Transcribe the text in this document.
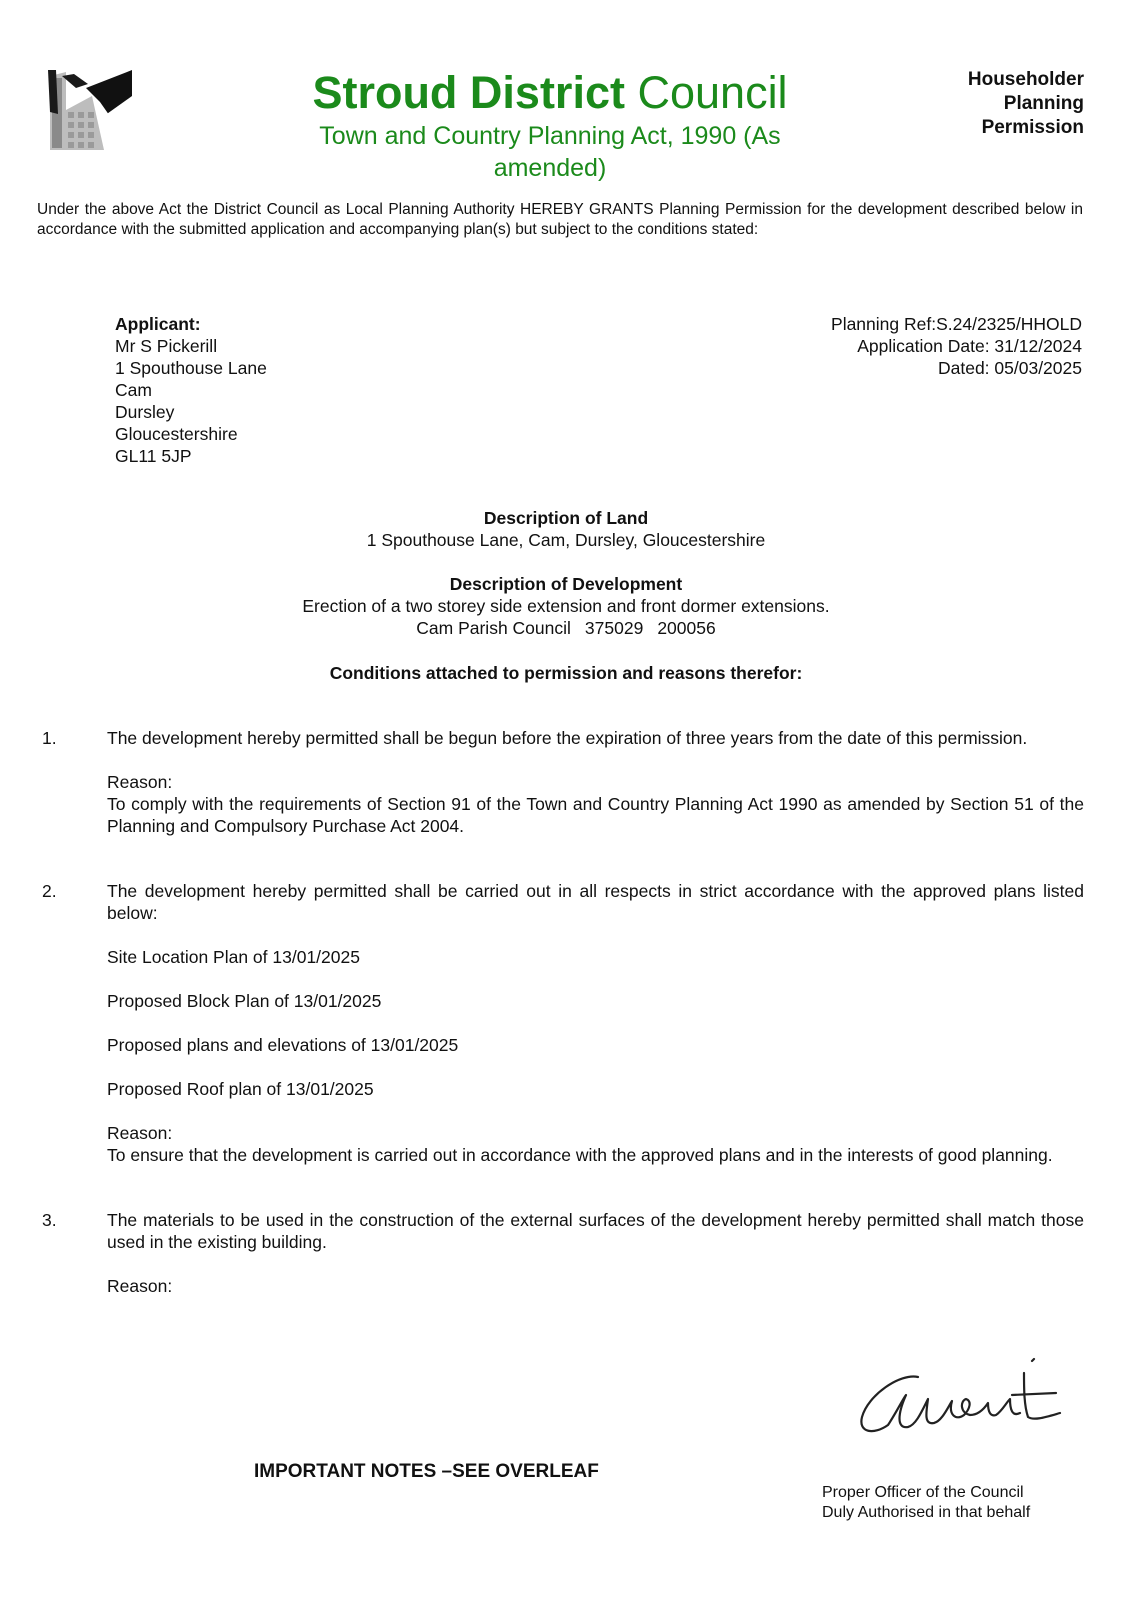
Stroud District Council
Town and Country Planning Act, 1990 (As amended)
Householder
Planning
Permission
Under the above Act the District Council as Local Planning Authority HEREBY GRANTS Planning Permission for the development described below in accordance with the submitted application and accompanying plan(s) but subject to the conditions stated:
Applicant:
Mr S Pickerill
1 Spouthouse Lane
Cam
Dursley
Gloucestershire
GL11 5JP
Planning Ref:S.24/2325/HHOLD
Application Date: 31/12/2024
Dated: 05/03/2025
Description of Land
1 Spouthouse Lane, Cam, Dursley, Gloucestershire
Description of Development
Erection of a two storey side extension and front dormer extensions.
Cam Parish Council 375029 200056
Conditions attached to permission and reasons therefor:
1.	The development hereby permitted shall be begun before the expiration of three years from the date of this permission.
Reason:
To comply with the requirements of Section 91 of the Town and Country Planning Act 1990 as amended by Section 51 of the Planning and Compulsory Purchase Act 2004.
2.	The development hereby permitted shall be carried out in all respects in strict accordance with the approved plans listed below:
Site Location Plan of 13/01/2025
Proposed Block Plan of 13/01/2025
Proposed plans and elevations of 13/01/2025
Proposed Roof plan of 13/01/2025
Reason:
To ensure that the development is carried out in accordance with the approved plans and in the interests of good planning.
3.	The materials to be used in the construction of the external surfaces of the development hereby permitted shall match those used in the existing building.
Reason:
IMPORTANT NOTES –SEE OVERLEAF
Proper Officer of the Council
Duly Authorised in that behalf
